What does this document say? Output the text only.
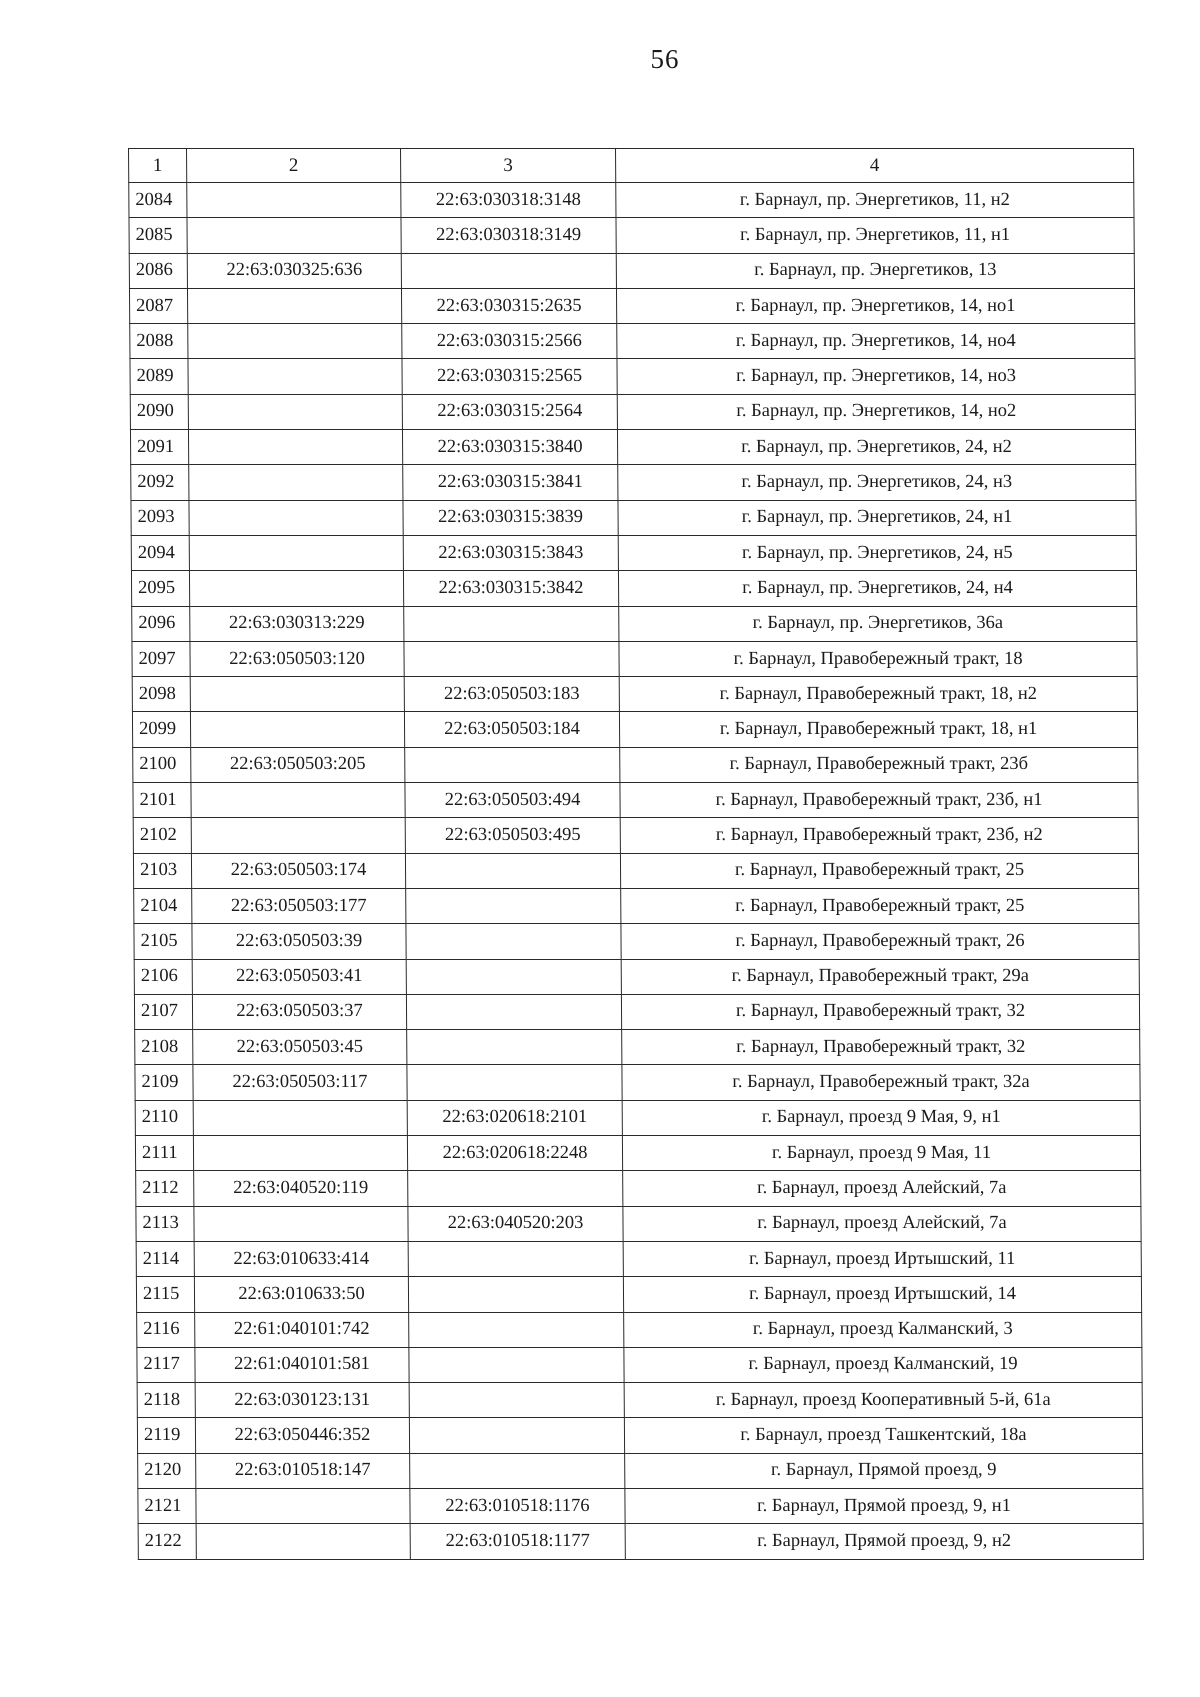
56
1	2	3	4
2084		22:63:030318:3148	г. Барнаул, пр. Энергетиков, 11, н2
2085		22:63:030318:3149	г. Барнаул, пр. Энергетиков, 11, н1
2086	22:63:030325:636		г. Барнаул, пр. Энергетиков, 13
2087		22:63:030315:2635	г. Барнаул, пр. Энергетиков, 14, но1
2088		22:63:030315:2566	г. Барнаул, пр. Энергетиков, 14, но4
2089		22:63:030315:2565	г. Барнаул, пр. Энергетиков, 14, но3
2090		22:63:030315:2564	г. Барнаул, пр. Энергетиков, 14, но2
2091		22:63:030315:3840	г. Барнаул, пр. Энергетиков, 24, н2
2092		22:63:030315:3841	г. Барнаул, пр. Энергетиков, 24, н3
2093		22:63:030315:3839	г. Барнаул, пр. Энергетиков, 24, н1
2094		22:63:030315:3843	г. Барнаул, пр. Энергетиков, 24, н5
2095		22:63:030315:3842	г. Барнаул, пр. Энергетиков, 24, н4
2096	22:63:030313:229		г. Барнаул, пр. Энергетиков, 36а
2097	22:63:050503:120		г. Барнаул, Правобережный тракт, 18
2098		22:63:050503:183	г. Барнаул, Правобережный тракт, 18, н2
2099		22:63:050503:184	г. Барнаул, Правобережный тракт, 18, н1
2100	22:63:050503:205		г. Барнаул, Правобережный тракт, 23б
2101		22:63:050503:494	г. Барнаул, Правобережный тракт, 23б, н1
2102		22:63:050503:495	г. Барнаул, Правобережный тракт, 23б, н2
2103	22:63:050503:174		г. Барнаул, Правобережный тракт, 25
2104	22:63:050503:177		г. Барнаул, Правобережный тракт, 25
2105	22:63:050503:39		г. Барнаул, Правобережный тракт, 26
2106	22:63:050503:41		г. Барнаул, Правобережный тракт, 29а
2107	22:63:050503:37		г. Барнаул, Правобережный тракт, 32
2108	22:63:050503:45		г. Барнаул, Правобережный тракт, 32
2109	22:63:050503:117		г. Барнаул, Правобережный тракт, 32а
2110		22:63:020618:2101	г. Барнаул, проезд 9 Мая, 9, н1
2111		22:63:020618:2248	г. Барнаул, проезд 9 Мая, 11
2112	22:63:040520:119		г. Барнаул, проезд Алейский, 7а
2113		22:63:040520:203	г. Барнаул, проезд Алейский, 7а
2114	22:63:010633:414		г. Барнаул, проезд Иртышский, 11
2115	22:63:010633:50		г. Барнаул, проезд Иртышский, 14
2116	22:61:040101:742		г. Барнаул, проезд Калманский, 3
2117	22:61:040101:581		г. Барнаул, проезд Калманский, 19
2118	22:63:030123:131		г. Барнаул, проезд Кооперативный 5-й, 61а
2119	22:63:050446:352		г. Барнаул, проезд Ташкентский, 18а
2120	22:63:010518:147		г. Барнаул, Прямой проезд, 9
2121		22:63:010518:1176	г. Барнаул, Прямой проезд, 9, н1
2122		22:63:010518:1177	г. Барнаул, Прямой проезд, 9, н2
